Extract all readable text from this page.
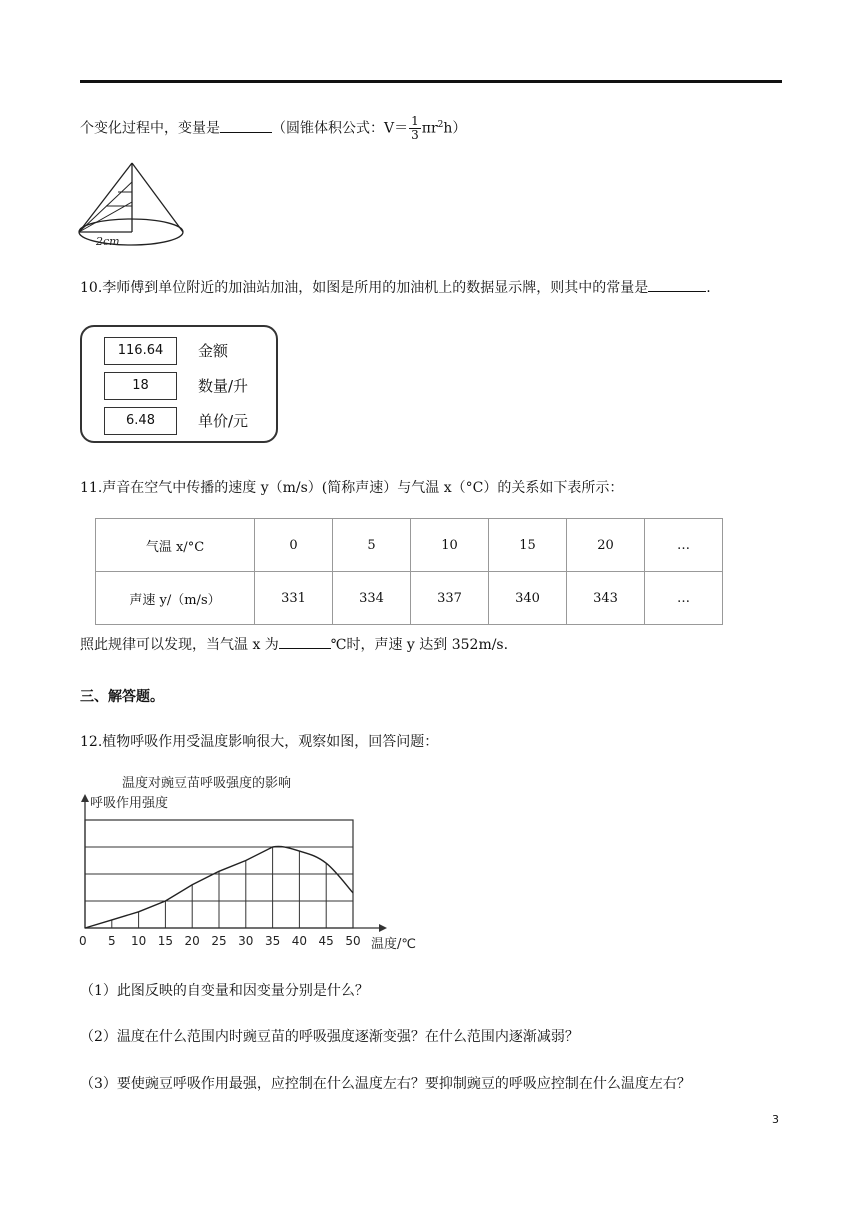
个变化过程中，变量是	（圆锥体积公式：$V= \frac{1}{3} \pi r^2h$）
2cm
10.李师傅到单位附近的加油站加油，如图是所用的加油机上的数据显示牌，则其中的常量是	.
116.64	金额
18	数量/升
6.48	单价/元
11.声音在空气中传播的速度 y（m/s）(简称声速）与气温 x（°C）的关系如下表所示：
气温 x/°C	0	5	10	15	20	…
声速 y/（m/s）	331	334	337	340	343	…
照此规律可以发现，当气温 x 为	℃时，声速 y 达到 352m/s.
三、解答题。
12.植物呼吸作用受温度影响很大，观察如图，回答问题：
温度对豌豆苗呼吸强度的影响
呼吸作用强度
0 5 10 15 20 25 30 35 40 45 50 温度/℃
（1）此图反映的自变量和因变量分别是什么？
（2）温度在什么范围内时豌豆苗的呼吸强度逐渐变强？在什么范围内逐渐减弱？
（3）要使豌豆呼吸作用最强，应控制在什么温度左右？要抑制豌豆的呼吸应控制在什么温度左右？
3
